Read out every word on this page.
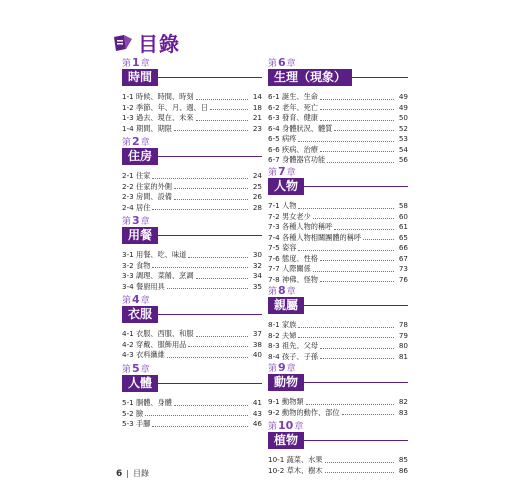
目錄
第1章
時間
1-1 時候、時間、時刻	14
1-2 季節、年、月、週、日	18
1-3 過去、現在、未來	21
1-4 期間、期限	23
第2章
住房
2-1 住家	24
2-2 住家的外側	25
2-3 房間、設備	26
2-4 居住	28
第3章
用餐
3-1 用餐、吃、味道	30
3-2 食物	32
3-3 調理、菜餚、烹調	34
3-4 餐廚用具	35
第4章
衣服
4-1 衣服、西服、和服	37
4-2 穿戴、服飾用品	38
4-3 衣料纖維	40
第5章
人體
5-1 胴體、身體	41
5-2 臉	43
5-3 手腳	46
第6章
生理（現象）
6-1 誕生、生命	49
6-2 老年、死亡	49
6-3 發育、健康	50
6-4 身體狀況、體質	52
6-5 病疼	53
6-6 疾病、治療	54
6-7 身體器官功能	56
第7章
人物
7-1 人物	58
7-2 男女老少	60
7-3 各種人物的稱呼	61
7-4 各種人物相關團體的稱呼	65
7-5 姿容	66
7-6 態度、性格	67
7-7 人際關係	73
7-8 神佛、怪物	76
第8章
親屬
8-1 家族	78
8-2 夫婦	79
8-3 祖先、父母	80
8-4 孩子、子孫	81
第9章
動物
9-1 動物類	82
9-2 動物的動作、部位	83
第10章
植物
10-1 蔬菜、水果	85
10-2 草木、樹木	86
6 | 目錄
